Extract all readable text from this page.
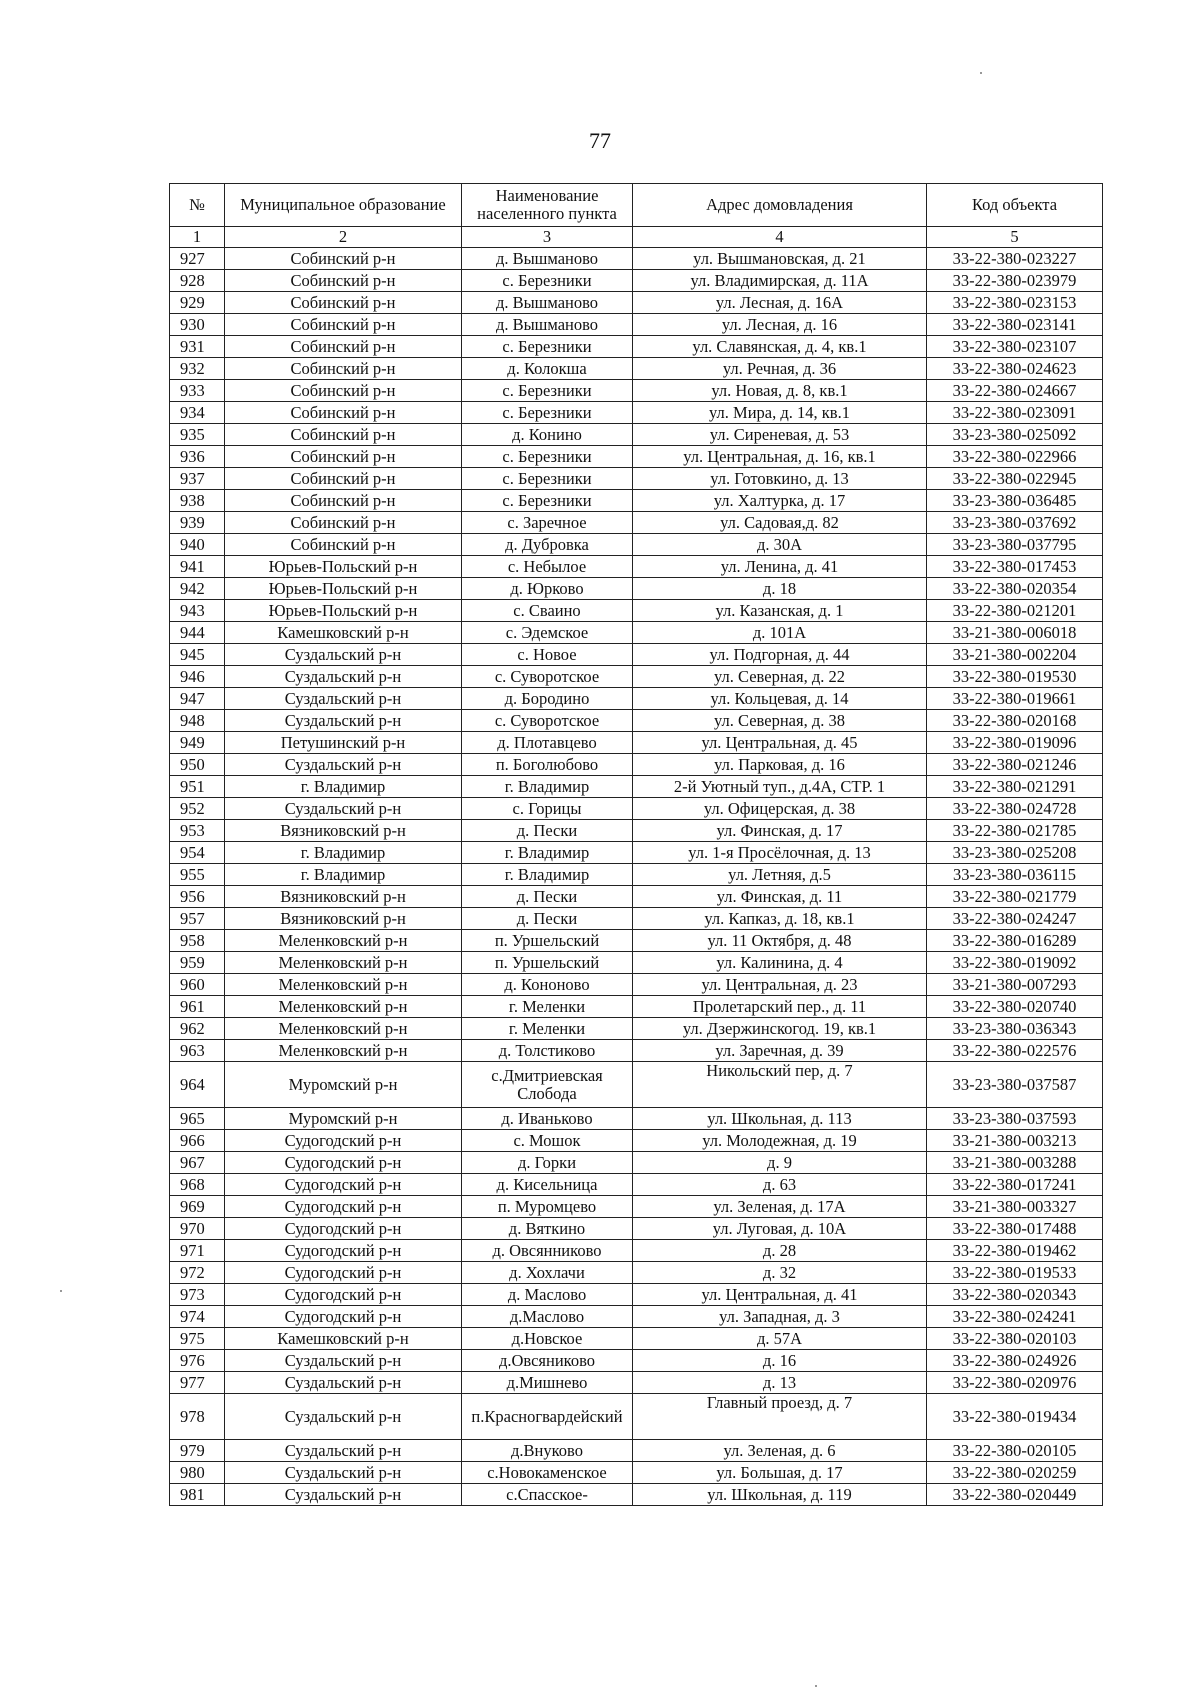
77
№	Муниципальное образование	Наименование населенного пункта	Адрес домовладения	Код объекта
1	2	3	4	5
927	Собинский р-н	д. Вышманово	ул. Вышмановская, д. 21	33-22-380-023227
928	Собинский р-н	с. Березники	ул. Владимирская, д. 11А	33-22-380-023979
929	Собинский р-н	д. Вышманово	ул. Лесная, д. 16А	33-22-380-023153
930	Собинский р-н	д. Вышманово	ул. Лесная, д. 16	33-22-380-023141
931	Собинский р-н	с. Березники	ул. Славянская, д. 4, кв.1	33-22-380-023107
932	Собинский р-н	д. Колокша	ул. Речная, д. 36	33-22-380-024623
933	Собинский р-н	с. Березники	ул. Новая, д. 8, кв.1	33-22-380-024667
934	Собинский р-н	с. Березники	ул. Мира, д. 14, кв.1	33-22-380-023091
935	Собинский р-н	д. Конино	ул. Сиреневая, д. 53	33-23-380-025092
936	Собинский р-н	с. Березники	ул. Центральная, д. 16, кв.1	33-22-380-022966
937	Собинский р-н	с. Березники	ул. Готовкино, д. 13	33-22-380-022945
938	Собинский р-н	с. Березники	ул. Халтурка, д. 17	33-23-380-036485
939	Собинский р-н	с. Заречное	ул. Садовая,д. 82	33-23-380-037692
940	Собинский р-н	д. Дубровка	д. 30А	33-23-380-037795
941	Юрьев-Польский р-н	с. Небылое	ул. Ленина, д. 41	33-22-380-017453
942	Юрьев-Польский р-н	д. Юрково	д. 18	33-22-380-020354
943	Юрьев-Польский р-н	с. Сваино	ул. Казанская, д. 1	33-22-380-021201
944	Камешковский р-н	с. Эдемское	д. 101А	33-21-380-006018
945	Суздальский р-н	с. Новое	ул. Подгорная, д. 44	33-21-380-002204
946	Суздальский р-н	с. Суворотское	ул. Северная, д. 22	33-22-380-019530
947	Суздальский р-н	д. Бородино	ул. Кольцевая, д. 14	33-22-380-019661
948	Суздальский р-н	с. Суворотское	ул. Северная, д. 38	33-22-380-020168
949	Петушинский р-н	д. Плотавцево	ул. Центральная, д. 45	33-22-380-019096
950	Суздальский р-н	п. Боголюбово	ул. Парковая, д. 16	33-22-380-021246
951	г. Владимир	г. Владимир	2-й Уютный туп., д.4А, СТР. 1	33-22-380-021291
952	Суздальский р-н	с. Горицы	ул. Офицерская, д. 38	33-22-380-024728
953	Вязниковский р-н	д. Пески	ул. Финская, д. 17	33-22-380-021785
954	г. Владимир	г. Владимир	ул. 1-я Просёлочная, д. 13	33-23-380-025208
955	г. Владимир	г. Владимир	ул. Летняя, д.5	33-23-380-036115
956	Вязниковский р-н	д. Пески	ул. Финская, д. 11	33-22-380-021779
957	Вязниковский р-н	д. Пески	ул. Капказ, д. 18, кв.1	33-22-380-024247
958	Меленковский р-н	п. Уршельский	ул. 11 Октября, д. 48	33-22-380-016289
959	Меленковский р-н	п. Уршельский	ул. Калинина, д. 4	33-22-380-019092
960	Меленковский р-н	д. Кононово	ул. Центральная, д. 23	33-21-380-007293
961	Меленковский р-н	г. Меленки	Пролетарский пер., д. 11	33-22-380-020740
962	Меленковский р-н	г. Меленки	ул. Дзержинскогод. 19, кв.1	33-23-380-036343
963	Меленковский р-н	д. Толстиково	ул. Заречная, д. 39	33-22-380-022576
964	Муромский р-н	с.Дмитриевская Слобода	Никольский пер, д. 7	33-23-380-037587
965	Муромский р-н	д. Иваньково	ул. Школьная, д. 113	33-23-380-037593
966	Судогодский р-н	с. Мошок	ул. Молодежная, д. 19	33-21-380-003213
967	Судогодский р-н	д. Горки	д. 9	33-21-380-003288
968	Судогодский р-н	д. Кисельница	д. 63	33-22-380-017241
969	Судогодский р-н	п. Муромцево	ул. Зеленая, д. 17А	33-21-380-003327
970	Судогодский р-н	д. Вяткино	ул. Луговая, д. 10А	33-22-380-017488
971	Судогодский р-н	д. Овсянниково	д. 28	33-22-380-019462
972	Судогодский р-н	д. Хохлачи	д. 32	33-22-380-019533
973	Судогодский р-н	д. Маслово	ул. Центральная, д. 41	33-22-380-020343
974	Судогодский р-н	д.Маслово	ул. Западная, д. 3	33-22-380-024241
975	Камешковский р-н	д.Новское	д. 57А	33-22-380-020103
976	Суздальский р-н	д.Овсяниково	д. 16	33-22-380-024926
977	Суздальский р-н	д.Мишнево	д. 13	33-22-380-020976
978	Суздальский р-н	п.Красногвардейский	Главный проезд, д. 7	33-22-380-019434
979	Суздальский р-н	д.Внуково	ул. Зеленая, д. 6	33-22-380-020105
980	Суздальский р-н	с.Новокаменское	ул. Большая, д. 17	33-22-380-020259
981	Суздальский р-н	с.Спасское-	ул. Школьная, д. 119	33-22-380-020449
